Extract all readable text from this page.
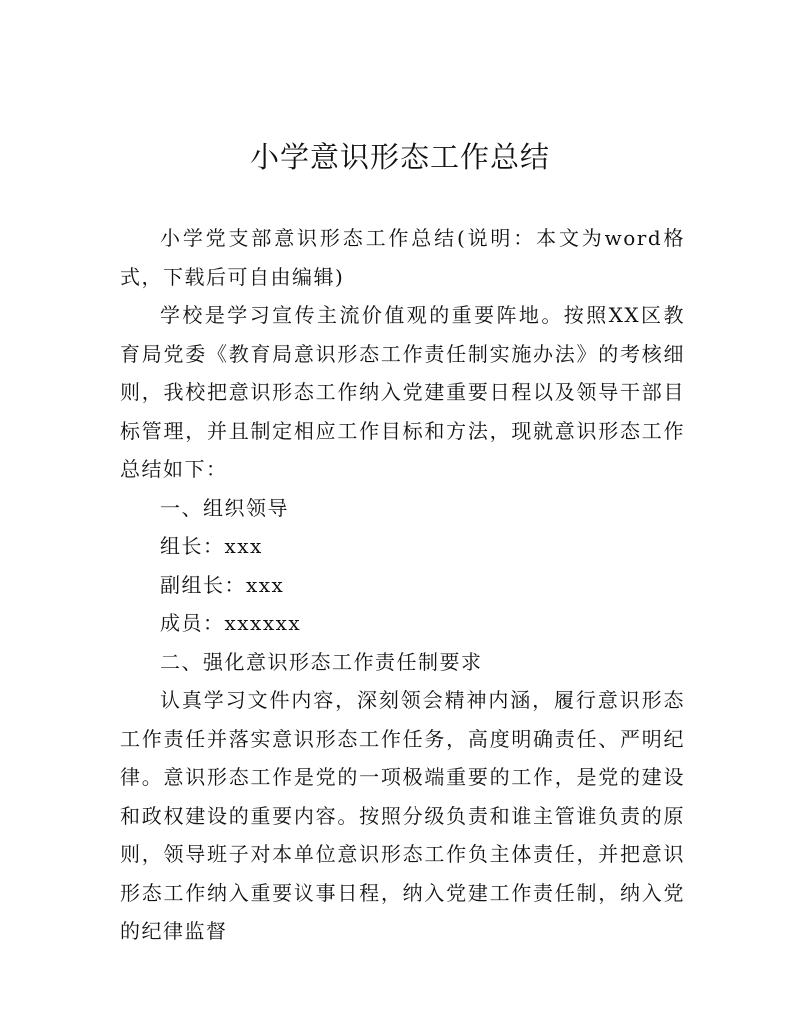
小学意识形态工作总结

小学党支部意识形态工作总结(说明：本文为word格式，下载后可自由编辑)

学校是学习宣传主流价值观的重要阵地。按照XX区教育局党委《教育局意识形态工作责任制实施办法》的考核细则，我校把意识形态工作纳入党建重要日程以及领导干部目标管理，并且制定相应工作目标和方法，现就意识形态工作总结如下：

一、组织领导

组长：xxx

副组长：xxx

成员：xxxxxx

二、强化意识形态工作责任制要求

认真学习文件内容，深刻领会精神内涵，履行意识形态工作责任并落实意识形态工作任务，高度明确责任、严明纪律。意识形态工作是党的一项极端重要的工作，是党的建设和政权建设的重要内容。按照分级负责和谁主管谁负责的原则，领导班子对本单位意识形态工作负主体责任，并把意识形态工作纳入重要议事日程，纳入党建工作责任制，纳入党的纪律监督
